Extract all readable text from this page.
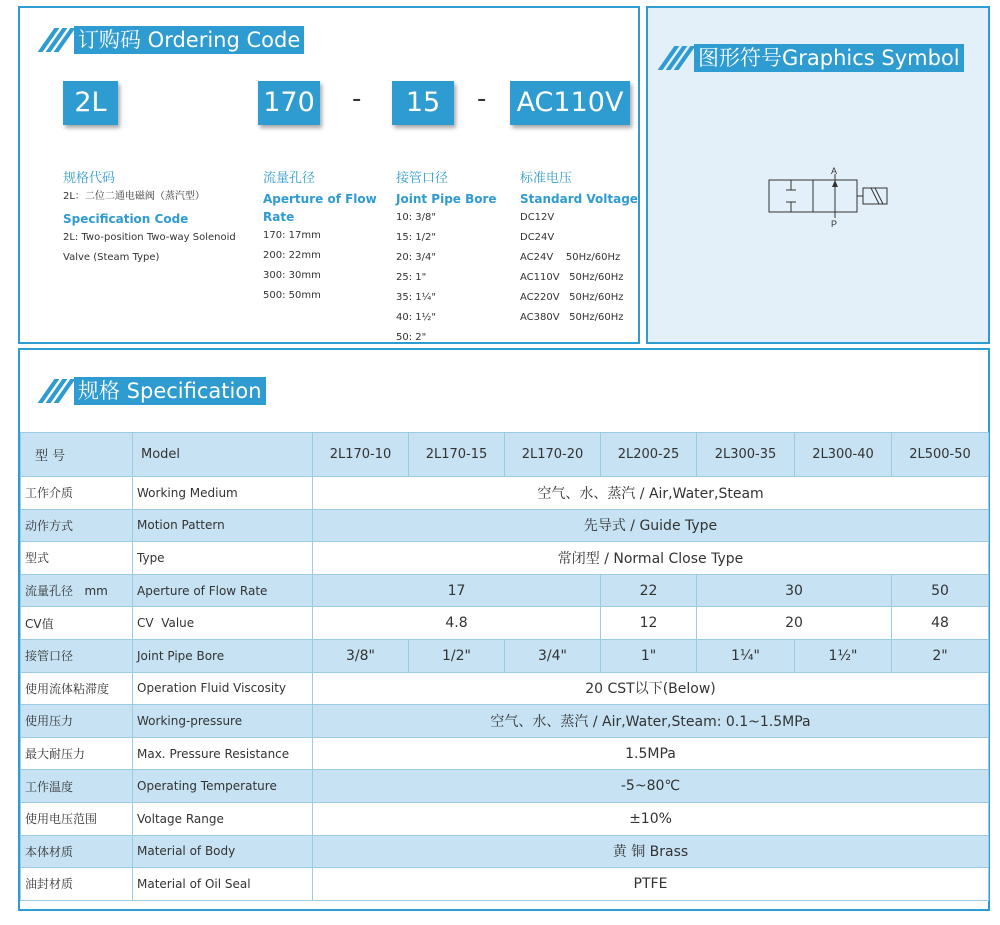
订购码 Ordering Code
2L	170 -	15	- AC110V
规格代码
2L：二位二通电磁阀（蒸汽型）
Specification Code
2L: Two-position Two-way Solenoid
Valve (Steam Type)
流量孔径
Aperture of Flow
Rate
170: 17mm
200: 22mm
300: 30mm
500: 50mm
接管口径
Joint Pipe Bore
10: 3/8"
15: 1/2"
20: 3/4"
25: 1"
35: 1¼"
40: 1½"
50: 2"
标准电压
Standard Voltage
DC12V
DC24V
AC24V    50Hz/60Hz
AC110V   50Hz/60Hz
AC220V   50Hz/60Hz
AC380V   50Hz/60Hz
图形符号Graphics Symbol
A
P
型 号	Model	2L170-10	2L170-15	2L170-20	2L200-25	2L300-35	2L300-40	2L500-50
工作介质	Working Medium	空气、水、蒸汽 / Air,Water,Steam						
动作方式	Motion Pattern	先导式 / Guide Type						
型式	Type	常闭型 / Normal Close Type						
流量孔径   mm	Aperture of Flow Rate	17			22	30		50
CV值	CV  Value	4.8			12	20		48
接管口径	Joint Pipe Bore	3/8"	1/2"	3/4"	1"	1¼"	1½"	2"
使用流体粘滞度	Operation Fluid Viscosity	20 CST以下(Below)						
使用压力	Working-pressure	空气、水、蒸汽 / Air,Water,Steam: 0.1~1.5MPa						
最大耐压力	Max. Pressure Resistance	1.5MPa						
工作温度	Operating Temperature	-5~80℃						
使用电压范围	Voltage Range	±10%						
本体材质	Material of Body	黄 铜 Brass						
油封材质	Material of Oil Seal	PTFE						
规格 Specification
